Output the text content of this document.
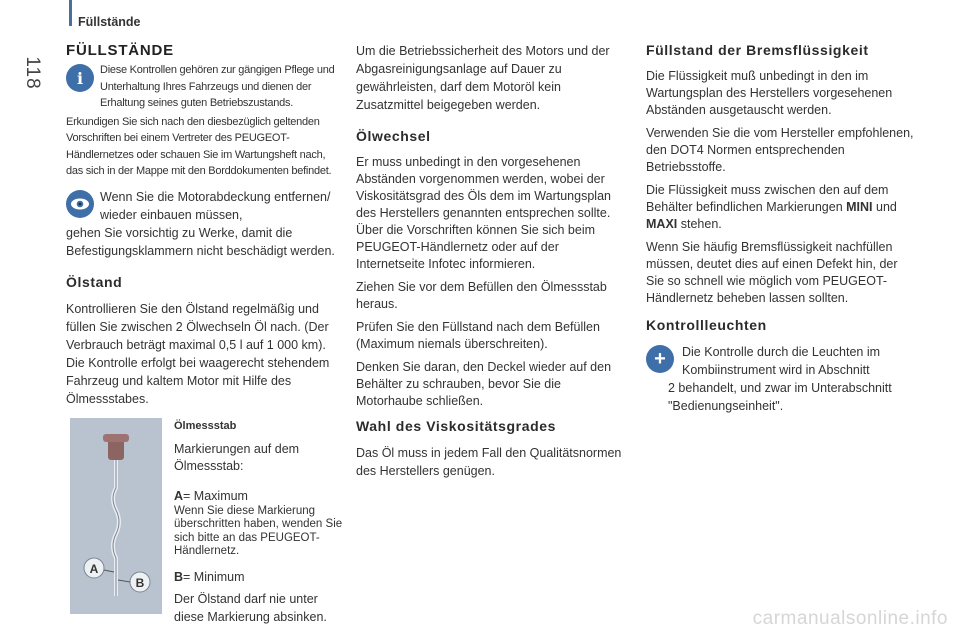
Füllstände
118
FÜLLSTÄNDE
i	Diese Kontrollen gehören zur gängigen Pflege und Unterhaltung Ihres Fahrzeugs und dienen der Erhaltung seines guten Betriebszustands.
Erkundigen Sie sich nach den diesbezüglich geltenden Vorschriften bei einem Vertreter des PEUGEOT-Händlernetzes oder schauen Sie im Wartungsheft nach, das sich in der Mappe mit den Borddokumenten befindet.
Wenn Sie die Motorabdeckung entfernen/ wieder einbauen müssen,
gehen Sie vorsichtig zu Werke, damit die Befestigungsklammern nicht beschädigt werden.
Ölstand
Kontrollieren Sie den Ölstand regelmäßig und füllen Sie zwischen 2 Ölwechseln Öl nach. (Der Verbrauch beträgt maximal 0,5 l auf 1 000 km). Die Kontrolle erfolgt bei waagerecht stehendem Fahrzeug und kaltem Motor mit Hilfe des Ölmessstabes.
A
B
Ölmessstab
Markierungen auf dem Ölmessstab:
A= Maximum
Wenn Sie diese Markierung überschritten haben, wenden Sie sich bitte an das PEUGEOT-Händlernetz.
B= Minimum
Der Ölstand darf nie unter diese Markierung absinken.
Um die Betriebssicherheit des Motors und der Abgasreinigungsanlage auf Dauer zu gewährleisten, darf dem Motoröl kein Zusatzmittel beigegeben werden.
Ölwechsel

Er muss unbedingt in den vorgesehenen Abständen vorgenommen werden, wobei der Viskositätsgrad des Öls dem im Wartungsplan des Herstellers genannten entsprechen sollte. Über die Vorschriften können Sie sich beim PEUGEOT-Händlernetz oder auf der Internetseite Infotec informieren.

Ziehen Sie vor dem Befüllen den Ölmessstab heraus.

Prüfen Sie den Füllstand nach dem Befüllen (Maximum niemals überschreiten).

Denken Sie daran, den Deckel wieder auf den Behälter zu schrauben, bevor Sie die Motorhaube schließen.

Wahl des Viskositätsgrades
Das Öl muss in jedem Fall den Qualitätsnormen des Herstellers genügen.
Füllstand der Bremsflüssigkeit

Die Flüssigkeit muß unbedingt in den im Wartungsplan des Herstellers vorgesehenen Abständen ausgetauscht werden.

Verwenden Sie die vom Hersteller empfohlenen, den DOT4 Normen entsprechenden Betriebsstoffe.

Die Flüssigkeit muss zwischen den auf dem Behälter befindlichen Markierungen MINI und MAXI stehen.

Wenn Sie häufig Bremsflüssigkeit nachfüllen müssen, deutet dies auf einen Defekt hin, der Sie so schnell wie möglich vom PEUGEOT-Händlernetz beheben lassen sollten.

Kontrollleuchten
+	Die Kontrolle durch die Leuchten im Kombiinstrument wird in Abschnitt
2 behandelt, und zwar im Unterabschnitt "Bedienungseinheit".
carmanualsonline.info
